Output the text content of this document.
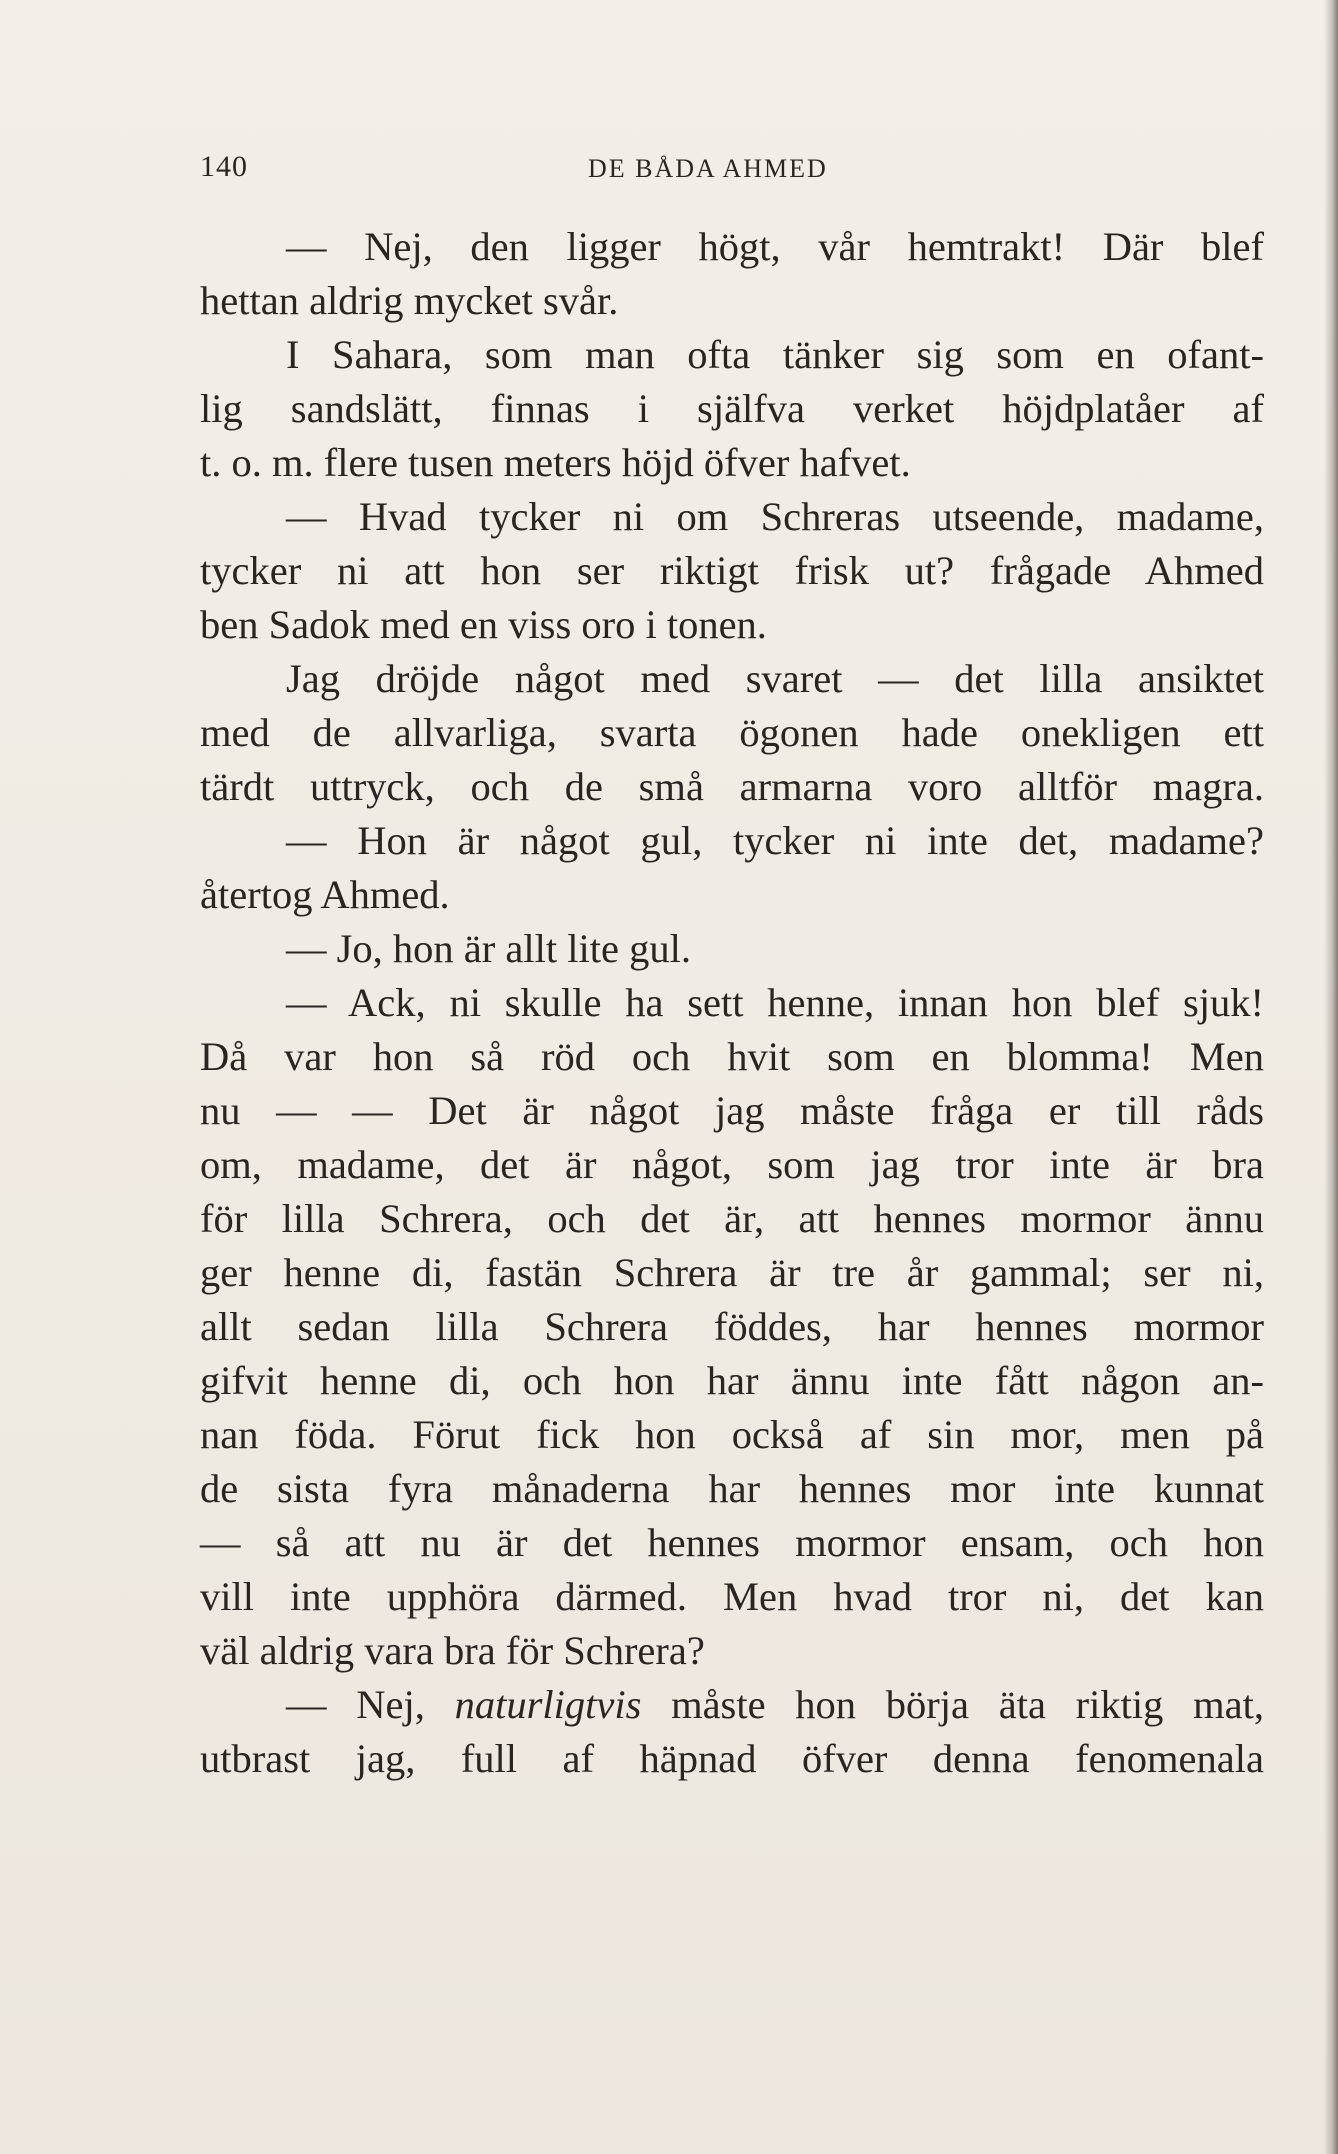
140	DE BÅDA AHMED
— Nej, den ligger högt, vår hemtrakt! Där blef
hettan aldrig mycket svår.
I Sahara, som man ofta tänker sig som en ofant-
lig sandslätt, finnas i själfva verket höjdplatåer af
t. o. m. flere tusen meters höjd öfver hafvet.
— Hvad tycker ni om Schreras utseende, madame,
tycker ni att hon ser riktigt frisk ut? frågade Ahmed
ben Sadok med en viss oro i tonen.
Jag dröjde något med svaret — det lilla ansiktet
med de allvarliga, svarta ögonen hade onekligen ett
tärdt uttryck, och de små armarna voro alltför magra.
— Hon är något gul, tycker ni inte det, madame?
återtog Ahmed.
— Jo, hon är allt lite gul.
— Ack, ni skulle ha sett henne, innan hon blef sjuk!
Då var hon så röd och hvit som en blomma! Men
nu — — Det är något jag måste fråga er till råds
om, madame, det är något, som jag tror inte är bra
för lilla Schrera, och det är, att hennes mormor ännu
ger henne di, fastän Schrera är tre år gammal; ser ni,
allt sedan lilla Schrera föddes, har hennes mormor
gifvit henne di, och hon har ännu inte fått någon an-
nan föda. Förut fick hon också af sin mor, men på
de sista fyra månaderna har hennes mor inte kunnat
— så att nu är det hennes mormor ensam, och hon
vill inte upphöra därmed. Men hvad tror ni, det kan
väl aldrig vara bra för Schrera?
— Nej, naturligtvis måste hon börja äta riktig mat,
utbrast jag, full af häpnad öfver denna fenomenala
